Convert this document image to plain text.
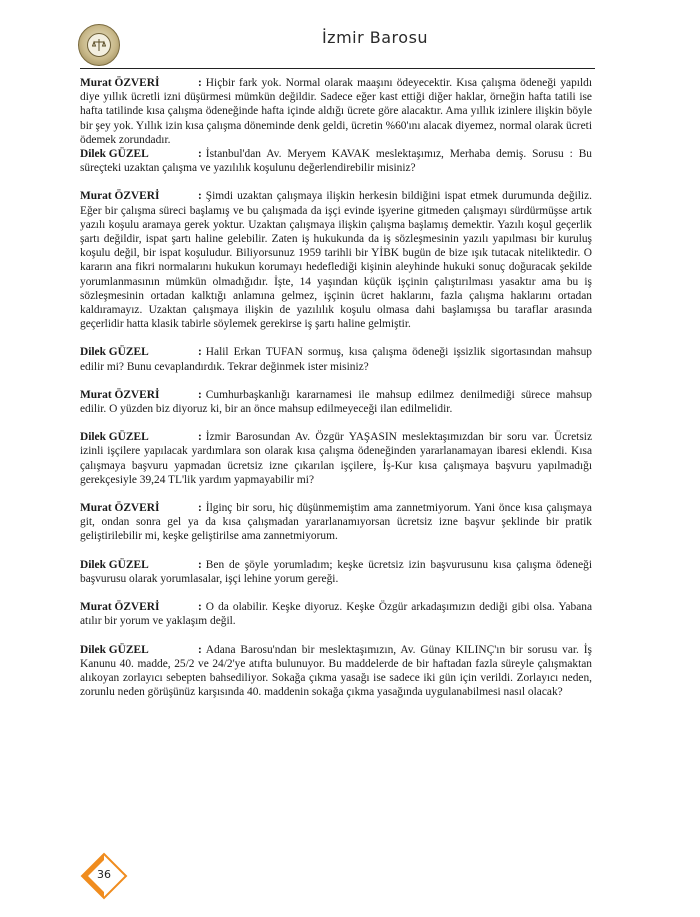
İzmir Barosu

Murat ÖZVERİ	: Hiçbir fark yok. Normal olarak maaşını ödeyecektir. Kısa çalışma ödeneği yapıldı diye yıllık ücretli izni düşürmesi mümkün değildir. Sadece eğer kast ettiği diğer haklar, örneğin hafta tatili ise hafta tatilinde kısa çalışma ödeneğinde hafta içinde aldığı ücrete göre alacaktır. Ama yıllık izinlere ilişkin böyle bir şey yok. Yıllık izin kısa çalışma döneminde denk geldi, ücretin %60'ını alacak diyemez, normal olarak ücreti ödemek zorundadır.

Dilek GÜZEL	: İstanbul'dan Av. Meryem KAVAK meslektaşımız, Merhaba demiş. Sorusu : Bu süreçteki uzaktan çalışma ve yazılılık koşulunu değerlendirebilir misiniz?

Murat ÖZVERİ	: Şimdi uzaktan çalışmaya ilişkin herkesin bildiğini ispat etmek durumunda değiliz. Eğer bir çalışma süreci başlamış ve bu çalışmada da işçi evinde işyerine gitmeden çalışmayı sürdürmüşse artık yazılı koşulu aramaya gerek yoktur. Uzaktan çalışmaya ilişkin çalışma başlamış demektir. Yazılı koşul geçerlik şartı değildir, ispat şartı haline gelebilir. Zaten iş hukukunda da iş sözleşmesinin yazılı yapılması bir kuruluş koşulu değil, bir ispat koşuludur. Biliyorsunuz 1959 tarihli bir YİBK bugün de bize ışık tutacak niteliktedir. O kararın ana fikri normalarını hukukun korumayı hedeflediği kişinin aleyhinde hukuki sonuç doğuracak şekilde yorumlanmasının mümkün olmadığıdır. İşte, 14 yaşından küçük işçinin çalıştırılması yasaktır ama bu iş sözleşmesinin ortadan kalktığı anlamına gelmez, işçinin ücret haklarını, fazla çalışma haklarını ortadan kaldıramayız. Uzaktan çalışmaya ilişkin de yazılılık koşulu olmasa dahi başlamışsa bu taraflar arasında geçerlidir hatta klasik tabirle söylemek gerekirse iş şartı haline gelmiştir.

Dilek GÜZEL	: Halil Erkan TUFAN sormuş, kısa çalışma ödeneği işsizlik sigortasından mahsup edilir mi? Bunu cevaplandırdık. Tekrar değinmek ister misiniz?

Murat ÖZVERİ	: Cumhurbaşkanlığı kararnamesi ile mahsup edilmez denilmediği sürece mahsup edilir. O yüzden biz diyoruz ki, bir an önce mahsup edilmeyeceği ilan edilmelidir.

Dilek GÜZEL	: İzmir Barosundan Av. Özgür YAŞASIN meslektaşımızdan bir soru var. Ücretsiz izinli işçilere yapılacak yardımlara son olarak kısa çalışma ödeneğinden yararlanamayan ibaresi eklendi. Kısa çalışmaya başvuru yapmadan ücretsiz izne çıkarılan işçilere, İş-Kur kısa çalışmaya başvuru yapılmadığı gerekçesiyle 39,24 TL'lik yardım yapmayabilir mi?

Murat ÖZVERİ	: İlginç bir soru, hiç düşünmemiştim ama zannetmiyorum. Yani önce kısa çalışmaya git, ondan sonra gel ya da kısa çalışmadan yararlanamıyorsan ücretsiz izne başvur şeklinde bir pratik geliştirilebilir mi, keşke geliştirilse ama zannetmiyorum.

Dilek GÜZEL	: Ben de şöyle yorumladım; keşke ücretsiz izin başvurusunu kısa çalışma ödeneği başvurusu olarak yorumlasalar, işçi lehine yorum gereği.

Murat ÖZVERİ	: O da olabilir. Keşke diyoruz. Keşke Özgür arkadaşımızın dediği gibi olsa. Yabana atılır bir yorum ve yaklaşım değil.

Dilek GÜZEL	: Adana Barosu'ndan bir meslektaşımızın, Av. Günay KILINÇ'ın bir sorusu var. İş Kanunu 40. madde, 25/2 ve 24/2'ye atıfta bulunuyor. Bu maddelerde de bir haftadan fazla süreyle çalışmaktan alıkoyan zorlayıcı sebepten bahsediliyor. Sokağa çıkma yasağı ise sadece iki gün için verildi. Zorlayıcı neden, zorunlu neden görüşünüz karşısında 40. maddenin sokağa çıkma yasağında uygulanabilmesi nasıl olacak?

36
